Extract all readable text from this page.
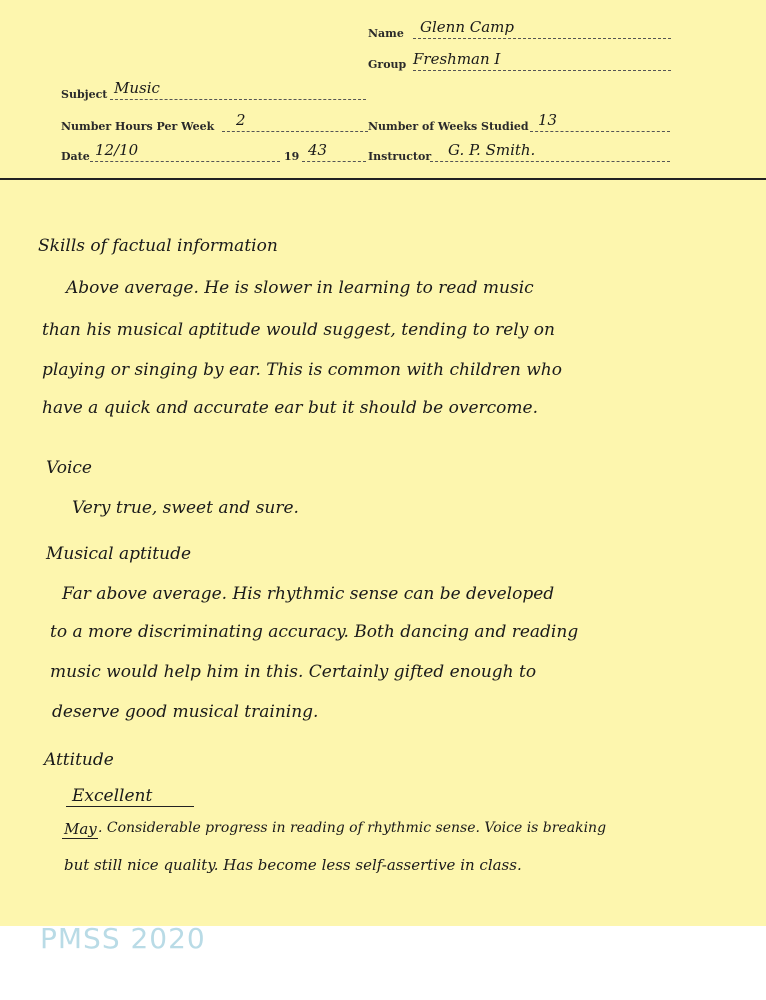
Name Glenn Camp
Group Freshman I
Subject Music
Number Hours Per Week 2	Number of Weeks Studied 13
Date 12/10	19 43	Instructor G. P. Smith.
Skills of factual information
Above average. He is slower in learning to read music
than his musical aptitude would suggest, tending to rely on
playing or singing by ear. This is common with children who
have a quick and accurate ear but it should be overcome.
Voice
Very true, sweet and sure.
Musical aptitude
Far above average. His rhythmic sense can be developed
to a more discriminating accuracy. Both dancing and reading
music would help him in this. Certainly gifted enough to
deserve good musical training.
Attitude
Excellent
May . Considerable progress in reading of rhythmic sense. Voice is breaking
but still nice quality. Has become less self-assertive in class.
PMSS 2020
